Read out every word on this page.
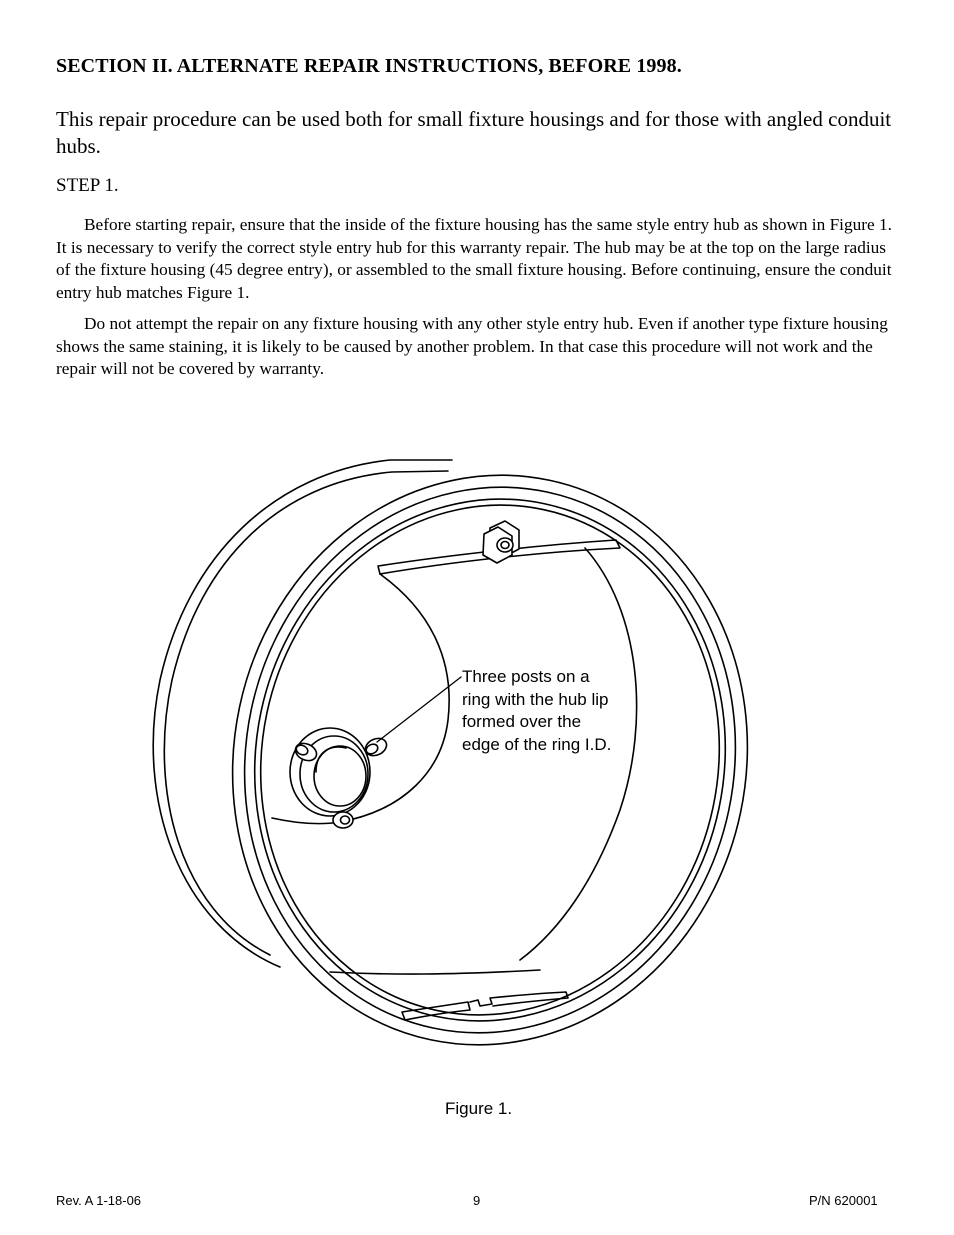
SECTION II. ALTERNATE REPAIR INSTRUCTIONS, BEFORE 1998.
This repair procedure can be used both for small fixture housings and for those with angled conduit hubs.
STEP 1.
Before starting repair, ensure that the inside of the fixture housing has the same style entry hub as shown in Figure 1. It is necessary to verify the correct style entry hub for this warranty repair. The hub may be at the top on the large radius of the fixture housing (45 degree entry), or assembled to the small fixture housing. Before continuing, ensure the conduit entry hub matches Figure 1.
Do not attempt the repair on any fixture housing with any other style entry hub. Even if another type fixture housing shows the same staining, it is likely to be caused by another problem. In that case this procedure will not work and the repair will not be covered by warranty.
Three posts on a ring with the hub lip formed over the edge of the ring I.D.
Figure 1.
Rev. A 1-18-06	9	P/N 620001
